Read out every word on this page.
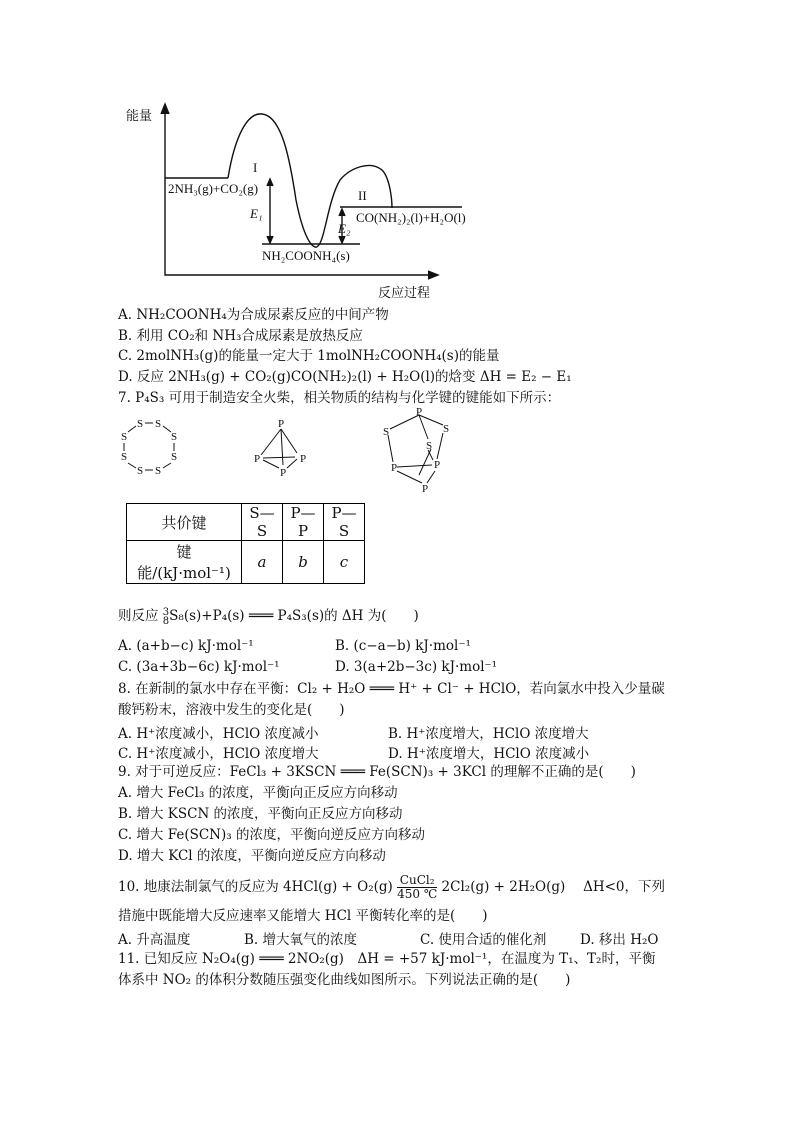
能量
反应过程
I
II
2NH₃(g)+CO₂(g)
E₁	CO(NH₂)₂(l)+H₂O(l)
E₂
NH₂COONH₄(s)
A. NH₂COONH₄为合成尿素反应的中间产物
B. 利用 CO₂和 NH₃合成尿素是放热反应
C. 2molNH₃(g)的能量一定大于 1molNH₂COONH₄(s)的能量
D. 反应 2NH₃(g) + CO₂(g)CO(NH₂)₂(l) + H₂O(l)的焓变 ΔH = E₂ − E₁
7. P₄S₃ 可用于制造安全火柴，相关物质的结构与化学键的键能如下所示：
S S
S	S
S	S
S S
P
P	P
P
P
S	S
S
P	P
P
共价键	S—S	P—P	P—S
键能/(kJ·mol⁻¹)	a	b	c
则反应 3
8 S₈(s)+P₄(s) ═══ P₄S₃(s)的 ΔH 为(　　)
A. (a+b−c) kJ·mol⁻¹	B. (c−a−b) kJ·mol⁻¹
C. (3a+3b−6c) kJ·mol⁻¹	D. 3(a+2b−3c) kJ·mol⁻¹
8. 在新制的氯水中存在平衡：Cl₂ + H₂O ═══ H⁺ + Cl⁻ + HClO，若向氯水中投入少量碳
酸钙粉末，溶液中发生的变化是(　　)
A. H⁺浓度减小，HClO 浓度减小	B. H⁺浓度增大，HClO 浓度增大
C. H⁺浓度减小，HClO 浓度增大	D. H⁺浓度增大，HClO 浓度减小
9. 对于可逆反应：FeCl₃ + 3KSCN ═══ Fe(SCN)₃ + 3KCl 的理解不正确的是(　　)
A. 增大 FeCl₃ 的浓度，平衡向正反应方向移动
B. 增大 KSCN 的浓度，平衡向正反应方向移动
C. 增大 Fe(SCN)₃ 的浓度，平衡向逆反应方向移动
D. 增大 KCl 的浓度，平衡向逆反应方向移动
10. 地康法制氯气的反应为 4HCl(g) + O₂(g) CuCl₂
450 ℃ 2Cl₂(g) + 2H₂O(g)　 ΔH<0，下列
措施中既能增大反应速率又能增大 HCl 平衡转化率的是(　　)
A. 升高温度	B. 增大氧气的浓度	C. 使用合适的催化剂 D. 移出 H₂O
11. 已知反应 N₂O₄(g) ═══ 2NO₂(g)　ΔH = +57 kJ·mol⁻¹，在温度为 T₁、T₂时，平衡
体系中 NO₂ 的体积分数随压强变化曲线如图所示。下列说法正确的是(　　)
